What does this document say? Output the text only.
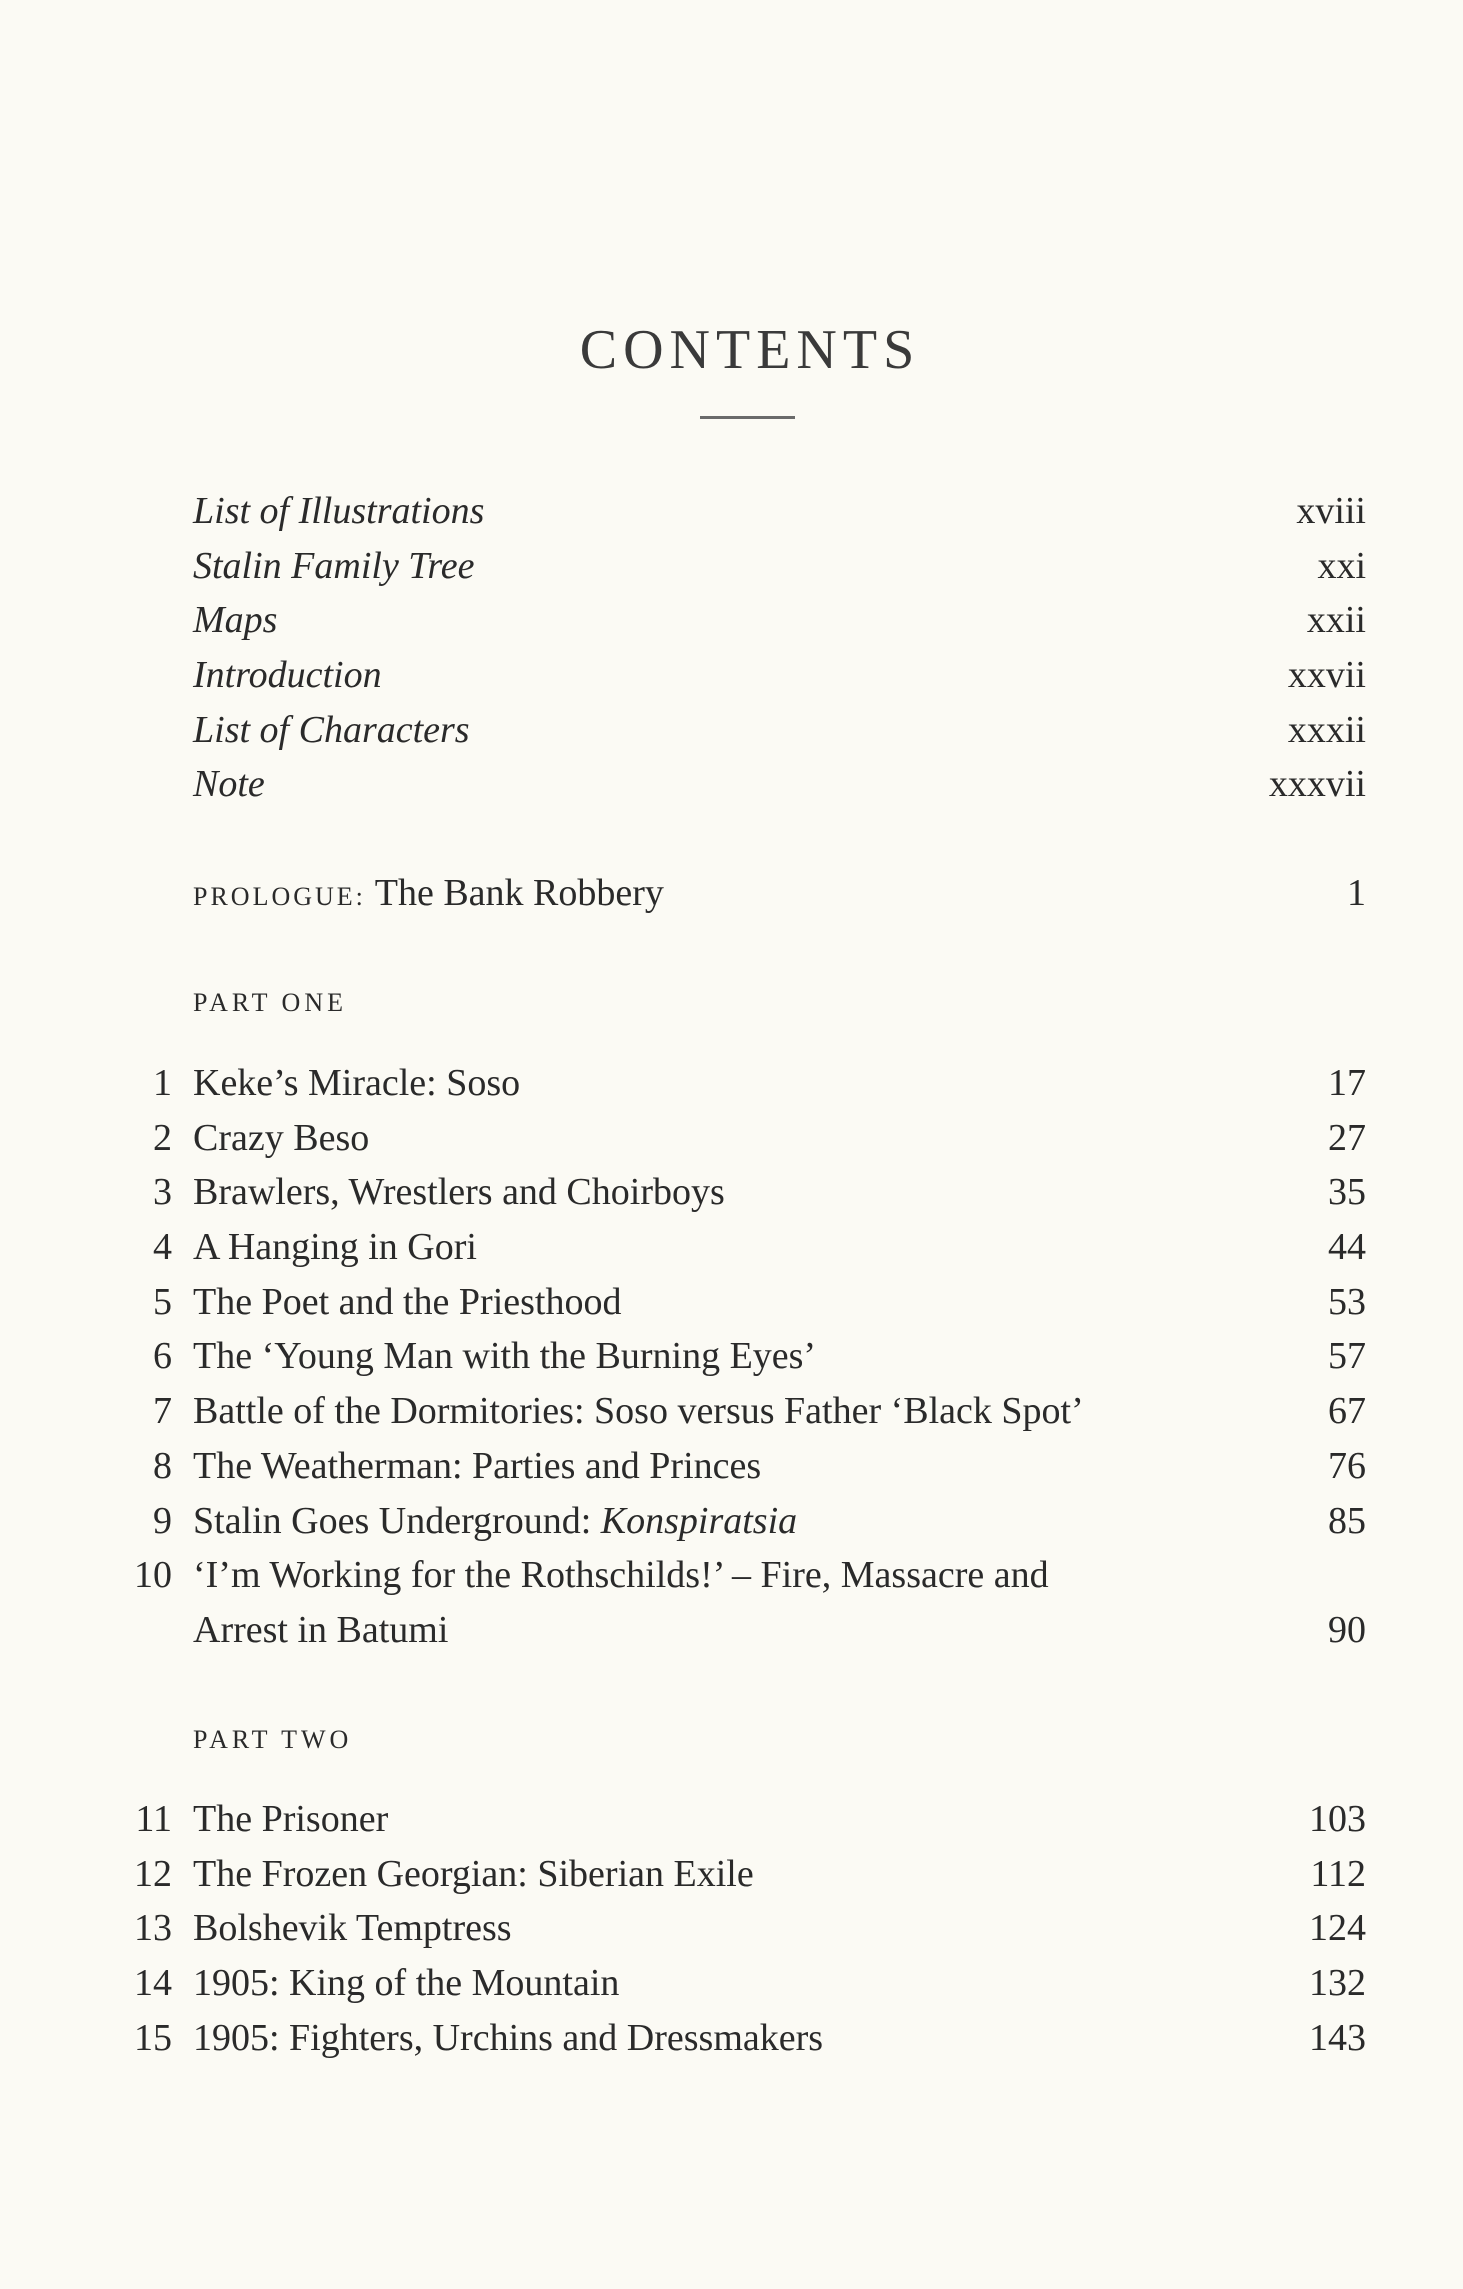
CONTENTS
List of Illustrations	xviii
Stalin Family Tree	xxi
Maps	xxii
Introduction	xxvii
List of Characters	xxxii
Note	xxxvii
PROLOGUE: The Bank Robbery	1
PART ONE
1 Keke’s Miracle: Soso	17
2 Crazy Beso	27
3 Brawlers, Wrestlers and Choirboys	35
4 A Hanging in Gori	44
5 The Poet and the Priesthood	53
6 The ‘Young Man with the Burning Eyes’	57
7 Battle of the Dormitories: Soso versus Father ‘Black Spot’	67
8 The Weatherman: Parties and Princes	76
9 Stalin Goes Underground: Konspiratsia	85
10 ‘I’m Working for the Rothschilds!’ – Fire, Massacre and
Arrest in Batumi	90
PART TWO
11 The Prisoner	103
12 The Frozen Georgian: Siberian Exile	112
13 Bolshevik Temptress	124
14 1905: King of the Mountain	132
15 1905: Fighters, Urchins and Dressmakers	143
